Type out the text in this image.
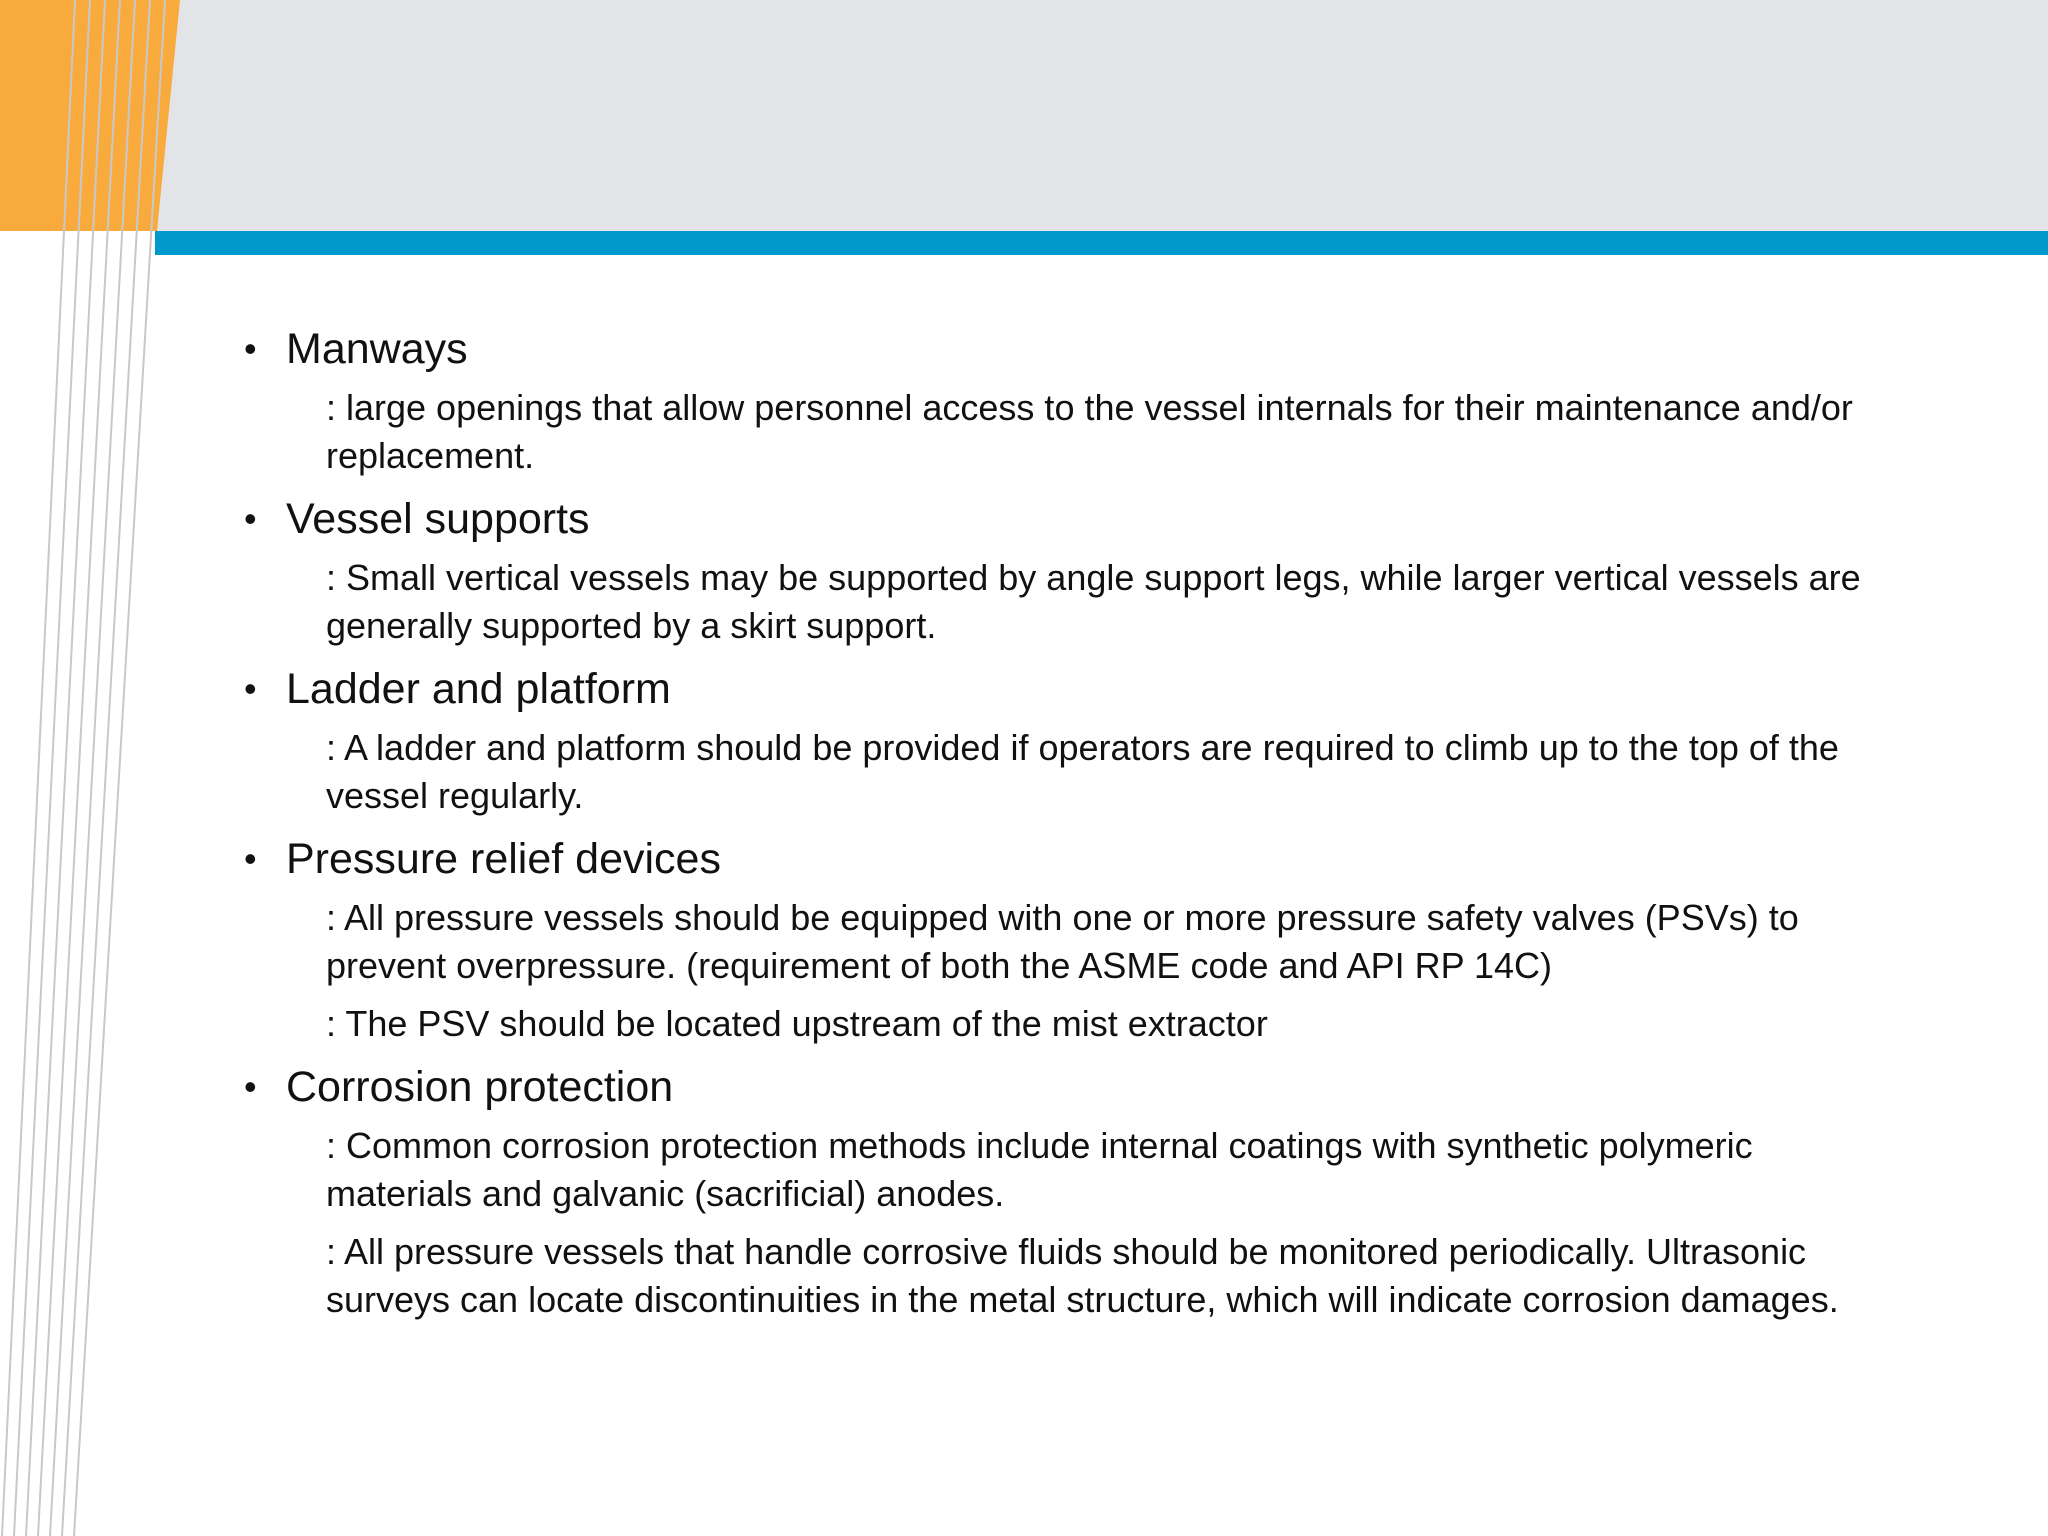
• Manways
: large openings that allow personnel access to the vessel internals for their maintenance and/or replacement.
• Vessel supports
: Small vertical vessels may be supported by angle support legs, while larger vertical vessels are generally supported by a skirt support.
• Ladder and platform
: A ladder and platform should be provided if operators are required to climb up to the top of the vessel regularly.
• Pressure relief devices
: All pressure vessels should be equipped with one or more pressure safety valves (PSVs) to prevent overpressure. (requirement of both the ASME code and API RP 14C)
: The PSV should be located upstream of the mist extractor
• Corrosion protection
: Common corrosion protection methods include internal coatings with synthetic polymeric materials and galvanic (sacrificial) anodes.
: All pressure vessels that handle corrosive fluids should be monitored periodically. Ultrasonic surveys can locate discontinuities in the metal structure, which will indicate corrosion damages.
